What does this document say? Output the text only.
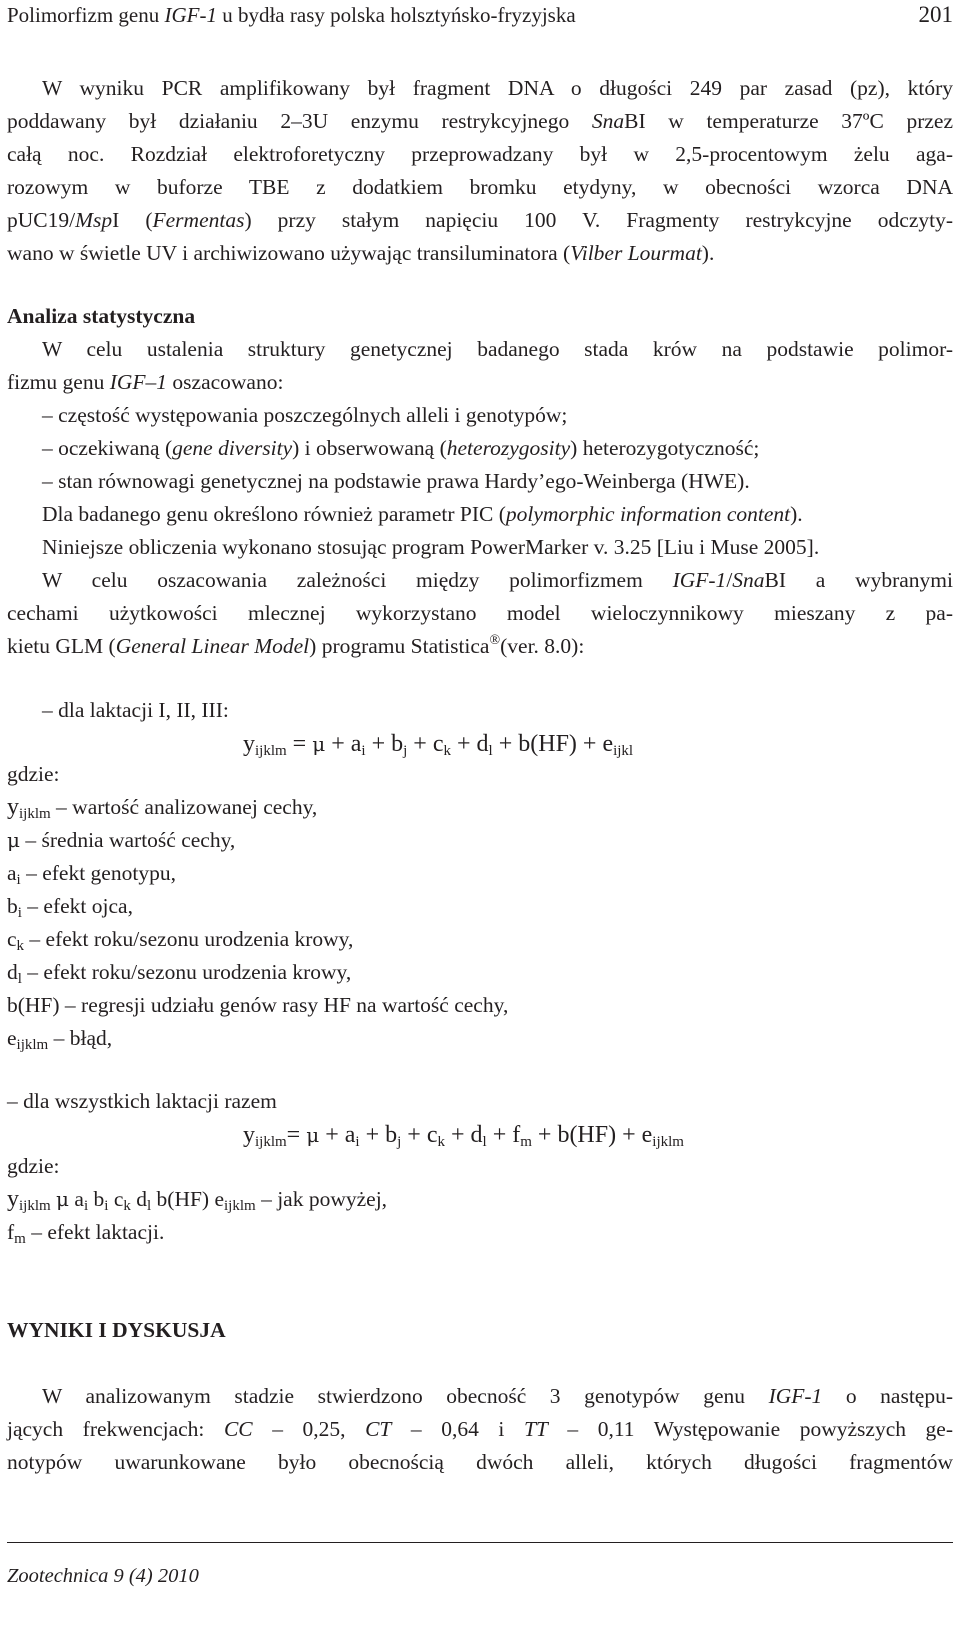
Polimorfizm genu IGF-1 u bydła rasy polska holsztyńsko-fryzyjska	201
W wyniku PCR amplifikowany był fragment DNA o długości 249 par zasad (pz), który
poddawany był działaniu 2–3U enzymu restrykcyjnego SnaBI w temperaturze 37ºC przez
całą noc. Rozdział elektroforetyczny przeprowadzany był w 2,5-procentowym żelu aga-
rozowym w buforze TBE z dodatkiem bromku etydyny, w obecności wzorca DNA
pUC19/MspI (Fermentas) przy stałym napięciu 100 V. Fragmenty restrykcyjne odczyty-
wano w świetle UV i archiwizowano używając transiluminatora (Vilber Lourmat).
Analiza statystyczna
W celu ustalenia struktury genetycznej badanego stada krów na podstawie polimor-
fizmu genu IGF–1 oszacowano:
– częstość występowania poszczególnych alleli i genotypów;
– oczekiwaną (gene diversity) i obserwowaną (heterozygosity) heterozygotyczność;
– stan równowagi genetycznej na podstawie prawa Hardy’ego-Weinberga (HWE).
Dla badanego genu określono również parametr PIC (polymorphic information content).
Niniejsze obliczenia wykonano stosując program PowerMarker v. 3.25 [Liu i Muse 2005].
W celu oszacowania zależności między polimorfizmem IGF-1/SnaBI a wybranymi
cechami użytkowości mlecznej wykorzystano model wieloczynnikowy mieszany z pa-
kietu GLM (General Linear Model) programu Statistica®(ver. 8.0):
– dla laktacji I, II, III:
$y_{ijklm} = \mu + a_i + b_j + c_k + d_l + b(HF) + e_{ijkl}$
gdzie:
$y_{ijklm}$ – wartość analizowanej cechy,
μ – średnia wartość cechy,
$a_i$ – efekt genotypu,
$b_i$ – efekt ojca,
$c_k$ – efekt roku/sezonu urodzenia krowy,
$d_l$ – efekt roku/sezonu urodzenia krowy,
b(HF) – regresji udziału genów rasy HF na wartość cechy,
$e_{ijklm}$ – błąd,
– dla wszystkich laktacji razem
$y_{ijklm}= \mu + a_i + b_j + c_k + d_l + f_m + b(HF) + e_{ijklm}$
gdzie:
$y_{ijklm}$ μ $a_i$ $b_i$ $c_k$ $d_l$ b(HF) $e_{ijklm}$ – jak powyżej,
$f_m$ – efekt laktacji.
WYNIKI I DYSKUSJA
W analizowanym stadzie stwierdzono obecność 3 genotypów genu IGF-1 o następu-
jących frekwencjach: CC – 0,25, CT – 0,64 i TT – 0,11 Występowanie powyższych ge-
notypów uwarunkowane było obecnością dwóch alleli, których długości fragmentów
Zootechnica 9 (4) 2010
